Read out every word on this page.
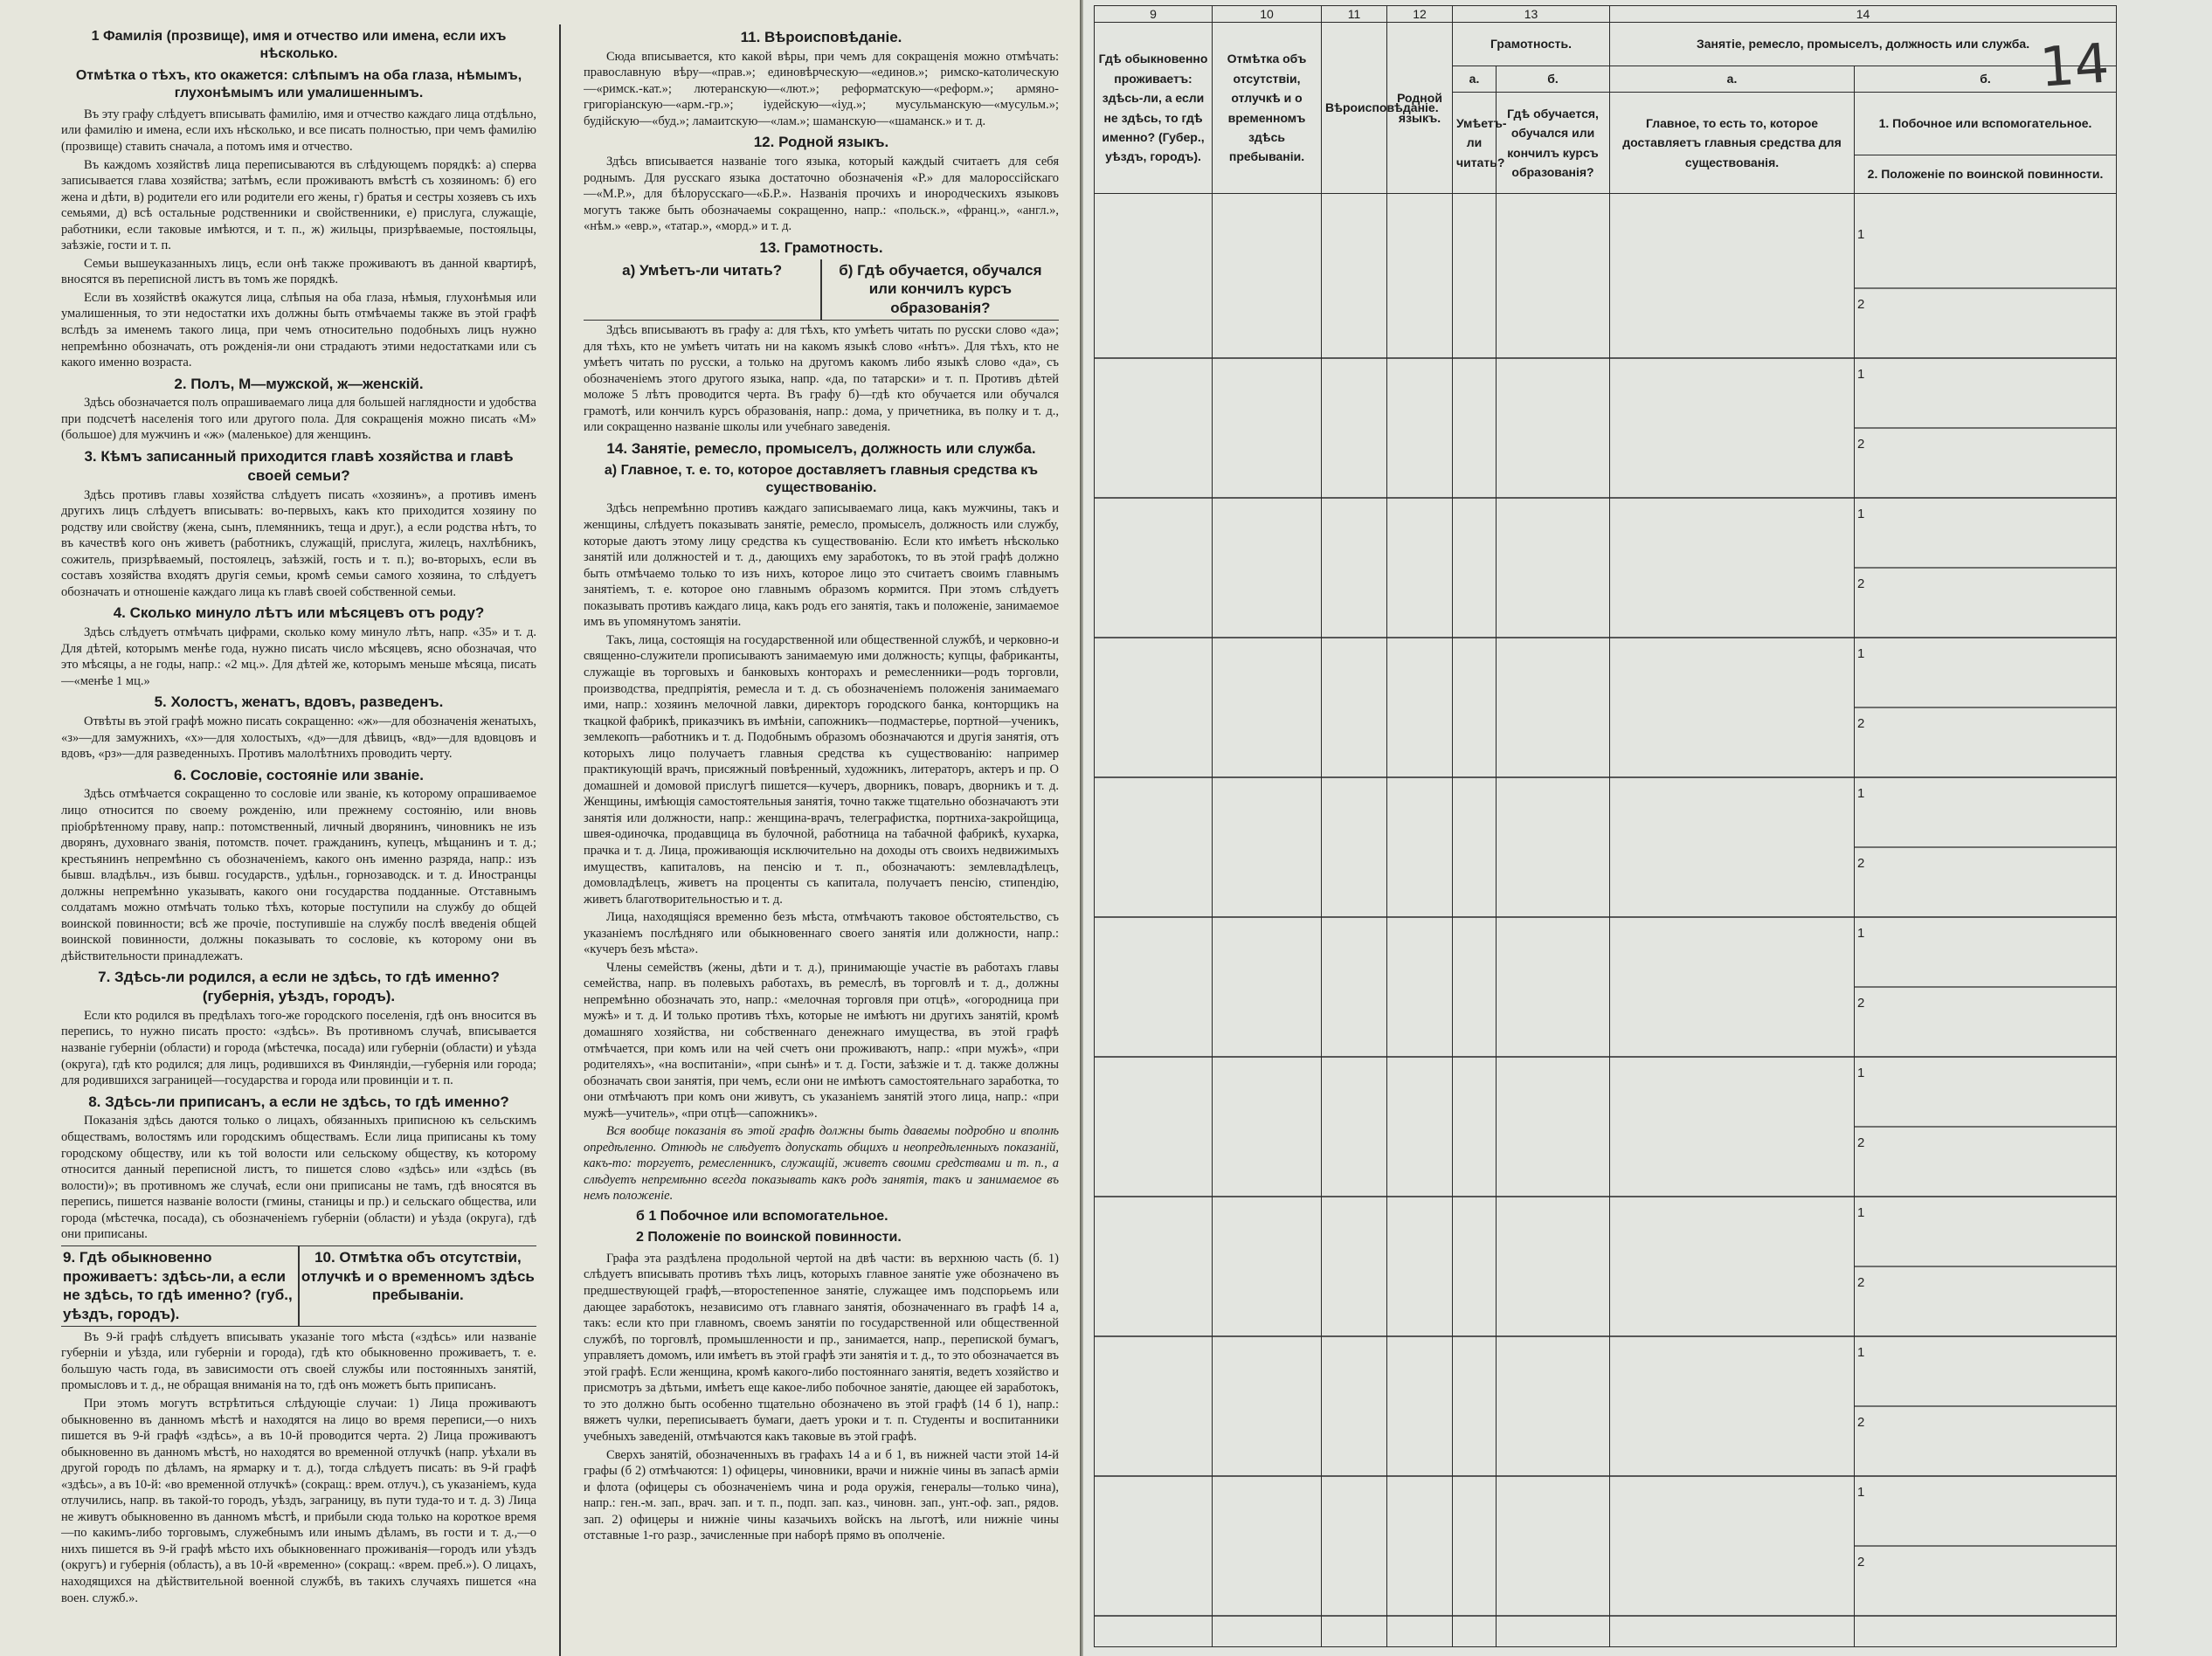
1 Фамилія (прозвище), имя и отчество или имена, если ихъ нѣсколько.
Отмѣтка о тѣхъ, кто окажется: слѣпымъ на оба глаза, нѣмымъ, глухонѣмымъ или умалишеннымъ.

Въ эту графу слѣдуетъ вписывать фамилію, имя и отчество каждаго лица отдѣльно, или фамилію и имена, если ихъ нѣсколько, и все писать полностью, при чемъ фамилію (прозвище) ставить сначала, а потомъ имя и отчество.

Въ каждомъ хозяйствѣ лица переписываются въ слѣдующемъ порядкѣ: а) сперва записывается глава хозяйства; затѣмъ, если проживаютъ вмѣстѣ съ хозяиномъ: б) его жена и дѣти, в) родители его или родители его жены, г) братья и сестры хозяевъ съ ихъ семьями, д) всѣ остальные родственники и свойственники, е) прислуга, служащіе, работники, если таковые имѣются, и т. п., ж) жильцы, призрѣваемые, постояльцы, заѣзжіе, гости и т. п.

Семьи вышеуказанныхъ лицъ, если онѣ также проживаютъ въ данной квартирѣ, вносятся въ переписной листъ въ томъ же порядкѣ.

Если въ хозяйствѣ окажутся лица, слѣпыя на оба глаза, нѣмыя, глухонѣмыя или умалишенныя, то эти недостатки ихъ должны быть отмѣчаемы также въ этой графѣ вслѣдъ за именемъ такого лица, при чемъ относительно подобныхъ лицъ нужно непремѣнно обозначать, отъ рожденія-ли они страдаютъ этими недостатками или съ какого именно возраста.

2. Полъ, М—мужской, ж—женскій.

Здѣсь обозначается полъ опрашиваемаго лица для большей наглядности и удобства при подсчетѣ населенія того или другого пола. Для сокращенія можно писать «М» (большое) для мужчинъ и «ж» (маленькое) для женщинъ.

3. Кѣмъ записанный приходится главѣ хозяйства и главѣ своей семьи?

Здѣсь противъ главы хозяйства слѣдуетъ писать «хозяинъ», а противъ именъ другихъ лицъ слѣдуетъ вписывать: во-первыхъ, какъ кто приходится хозяину по родству или свойству (жена, сынъ, племянникъ, теща и друг.), а если родства нѣтъ, то въ качествѣ кого онъ живетъ (работникъ, служащій, прислуга, жилецъ, нахлѣбникъ, сожитель, призрѣваемый, постоялецъ, заѣзжій, гость и т. п.); во-вторыхъ, если въ составъ хозяйства входятъ другія семьи, кромѣ семьи самого хозяина, то слѣдуетъ обозначать и отношеніе каждаго лица къ главѣ своей собственной семьи.

4. Сколько минуло лѣтъ или мѣсяцевъ отъ роду?

Здѣсь слѣдуетъ отмѣчать цифрами, сколько кому минуло лѣтъ, напр. «35» и т. д. Для дѣтей, которымъ менѣе года, нужно писать число мѣсяцевъ, ясно обозначая, что это мѣсяцы, а не годы, напр.: «2 мц.». Для дѣтей же, которымъ меньше мѣсяца, писать—«менѣе 1 мц.»

5. Холостъ, женатъ, вдовъ, разведенъ.

Отвѣты въ этой графѣ можно писать сокращенно: «ж»—для обозначенія женатыхъ, «з»—для замужнихъ, «х»—для холостыхъ, «д»—для дѣвицъ, «вд»—для вдовцовъ и вдовъ, «рз»—для разведенныхъ. Противъ малолѣтнихъ проводить черту.

6. Сословіе, состояніе или званіе.

Здѣсь отмѣчается сокращенно то сословіе или званіе, къ которому опрашиваемое лицо относится по своему рожденію, или прежнему состоянію, или вновь пріобрѣтенному праву, напр.: потомственный, личный дворянинъ, чиновникъ не изъ дворянъ, духовнаго званія, потомств. почет. гражданинъ, купецъ, мѣщанинъ и т. д.; крестьянинъ непремѣнно съ обозначеніемъ, какого онъ именно разряда, напр.: изъ бывш. владѣльч., изъ бывш. государств., удѣльн., горнозаводск. и т. д. Иностранцы должны непремѣнно указывать, какого они государства подданные. Отставнымъ солдатамъ можно отмѣчать только тѣхъ, которые поступили на службу до общей воинской повинности; всѣ же прочіе, поступившіе на службу послѣ введенія общей воинской повинности, должны показывать то сословіе, къ которому они въ дѣйствительности принадлежатъ.

7. Здѣсь-ли родился, а если не здѣсь, то гдѣ именно? (губернія, уѣздъ, городъ).

Если кто родился въ предѣлахъ того-же городского поселенія, гдѣ онъ вносится въ перепись, то нужно писать просто: «здѣсь». Въ противномъ случаѣ, вписывается названіе губерніи (области) и города (мѣстечка, посада) или губерніи (области) и уѣзда (округа), гдѣ кто родился; для лицъ, родившихся въ Финляндіи,—губернія или города; для родившихся заграницей—государства и города или провинціи и т. п.

8. Здѣсь-ли приписанъ, а если не здѣсь, то гдѣ именно?

Показанія здѣсь даются только о лицахъ, обязанныхъ приписною къ сельскимъ обществамъ, волостямъ или городскимъ обществамъ. Если лица приписаны къ тому городскому обществу, или къ той волости или сельскому обществу, къ которому относится данный переписной листъ, то пишется слово «здѣсь» или «здѣсь (въ волости)»; въ противномъ же случаѣ, если они приписаны не тамъ, гдѣ вносятся въ перепись, пишется названіе волости (гмины, станицы и пр.) и сельскаго общества, или города (мѣстечка, посада), съ обозначеніемъ губерніи (области) и уѣзда (округа), гдѣ они приписаны.

9. Гдѣ обыкновенно проживаетъ: здѣсь-ли, а если не здѣсь, то гдѣ именно? (губ., уѣздъ, городъ).
10. Отмѣтка объ отсутствіи, отлучкѣ и о временномъ здѣсь пребываніи.

Въ 9-й графѣ слѣдуетъ вписывать указаніе того мѣста («здѣсь» или названіе губерніи и уѣзда, или губерніи и города), гдѣ кто обыкновенно проживаетъ, т. е. большую часть года, въ зависимости отъ своей службы или постоянныхъ занятій, промысловъ и т. д., не обращая вниманія на то, гдѣ онъ можетъ быть приписанъ.

При этомъ могутъ встрѣтиться слѣдующіе случаи: 1) Лица проживаютъ обыкновенно въ данномъ мѣстѣ и находятся на лицо во время переписи,—о нихъ пишется въ 9-й графѣ «здѣсь», а въ 10-й проводится черта. 2) Лица проживаютъ обыкновенно въ данномъ мѣстѣ, но находятся во временной отлучкѣ (напр. уѣхали въ другой городъ по дѣламъ, на ярмарку и т. д.), тогда слѣдуетъ писать: въ 9-й графѣ «здѣсь», а въ 10-й: «во временной отлучкѣ» (сокращ.: врем. отлуч.), съ указаніемъ, куда отлучились, напр. въ такой-то городъ, уѣздъ, заграницу, въ пути туда-то и т. д. 3) Лица не живутъ обыкновенно въ данномъ мѣстѣ, и прибыли сюда только на короткое время—по какимъ-либо торговымъ, служебнымъ или инымъ дѣламъ, въ гости и т. д.,—о нихъ пишется въ 9-й графѣ мѣсто ихъ обыкновеннаго проживанія—городъ или уѣздъ (округъ) и губернія (область), а въ 10-й «временно» (сокращ.: «врем. преб.»). О лицахъ, находящихся на дѣйствительной военной службѣ, въ такихъ случаяхъ пишется «на воен. служб.».

11. Вѣроисповѣданіе.

Сюда вписывается, кто какой вѣры, при чемъ для сокращенія можно отмѣчать: православную вѣру—«прав.»; единовѣрческую—«единов.»; римско-католическую—«римск.-кат.»; лютеранскую—«лют.»; реформатскую—«реформ.»; армяно-григоріанскую—«арм.-гр.»; іудейскую—«іуд.»; мусульманскую—«мусульм.»; будійскую—«буд.»; ламаитскую—«лам.»; шаманскую—«шаманск.» и т. д.

12. Родной языкъ.

Здѣсь вписывается названіе того языка, который каждый считаетъ для себя роднымъ. Для русскаго языка достаточно обозначенія «Р.» для малороссійскаго—«М.Р.», для бѣлорусскаго—«Б.Р.». Названія прочихъ и инородческихъ языковъ могутъ также быть обозначаемы сокращенно, напр.: «польск.», «франц.», «англ.», «нѣм.» «евр.», «татар.», «морд.» и т. д.

13. Грамотность.
а) Умѣетъ-ли читать?	б) Гдѣ обучается, обучался или кончилъ курсъ образованія?

Здѣсь вписываютъ въ графу а: для тѣхъ, кто умѣетъ читать по русски слово «да»; для тѣхъ, кто не умѣетъ читать ни на какомъ языкѣ слово «нѣтъ». Для тѣхъ, кто не умѣетъ читать по русски, а только на другомъ какомъ либо языкѣ слово «да», съ обозначеніемъ этого другого языка, напр. «да, по татарски» и т. п. Противъ дѣтей моложе 5 лѣтъ проводится черта. Въ графу б)—гдѣ кто обучается или обучался грамотѣ, или кончилъ курсъ образованія, напр.: дома, у причетника, въ полку и т. д., или сокращенно названіе школы или учебнаго заведенія.

14. Занятіе, ремесло, промыселъ, должность или служба.
а) Главное, т. е. то, которое доставляетъ главныя средства къ существованію.

Здѣсь непремѣнно противъ каждаго записываемаго лица, какъ мужчины, такъ и женщины, слѣдуетъ показывать занятіе, ремесло, промыселъ, должность или службу, которые даютъ этому лицу средства къ существованію. Если кто имѣетъ нѣсколько занятій или должностей и т. д., дающихъ ему заработокъ, то въ этой графѣ должно быть отмѣчаемо только то изъ нихъ, которое лицо это считаетъ своимъ главнымъ занятіемъ, т. е. которое оно главнымъ образомъ кормится. При этомъ слѣдуетъ показывать противъ каждаго лица, какъ родъ его занятія, такъ и положеніе, занимаемое имъ въ упомянутомъ занятіи.

Такъ, лица, состоящія на государственной или общественной службѣ, и черковно-и священно-служители прописываютъ занимаемую ими должность; купцы, фабриканты, служащіе въ торговыхъ и банковыхъ конторахъ и ремесленники—родъ торговли, производства, предпріятія, ремесла и т. д. съ обозначеніемъ положенія занимаемаго ими, напр.: хозяинъ мелочной лавки, директоръ городского банка, конторщикъ на ткацкой фабрикѣ, приказчикъ въ имѣніи, сапожникъ—подмастерье, портной—ученикъ, землекопъ—работникъ и т. д. Подобнымъ образомъ обозначаются и другія занятія, отъ которыхъ лицо получаетъ главныя средства къ существованію: например практикующій врачъ, присяжный повѣренный, художникъ, литераторъ, актеръ и пр. О домашней и домовой прислугѣ пишется—кучеръ, дворникъ, поваръ, дворникъ и т. д. Женщины, имѣющія самостоятельныя занятія, точно также тщательно обозначаютъ эти занятія или должности, напр.: женщина-врачъ, телеграфистка, портниха-закройщица, швея-одиночка, продавщица въ булочной, работница на табачной фабрикѣ, кухарка, прачка и т. д. Лица, проживающія исключительно на доходы отъ своихъ недвижимыхъ имуществъ, капиталовъ, на пенсію и т. п., обозначаютъ: землевладѣлецъ, домовладѣлецъ, живетъ на проценты съ капитала, получаетъ пенсію, стипендію, живетъ благотворительностью и т. д.

Лица, находящіяся временно безъ мѣста, отмѣчаютъ таковое обстоятельство, съ указаніемъ послѣдняго или обыкновеннаго своего занятія или должности, напр.: «кучеръ безъ мѣста».

Члены семействъ (жены, дѣти и т. д.), принимающіе участіе въ работахъ главы семейства, напр. въ полевыхъ работахъ, въ ремеслѣ, въ торговлѣ и т. д., должны непремѣнно обозначать это, напр.: «мелочная торговля при отцѣ», «огородница при мужѣ» и т. д. И только противъ тѣхъ, которые не имѣютъ ни другихъ занятій, кромѣ домашняго хозяйства, ни собственнаго денежнаго имущества, въ этой графѣ отмѣчается, при комъ или на чей счетъ они проживаютъ, напр.: «при мужѣ», «при родителяхъ», «на воспитаніи», «при сынѣ» и т. д. Гости, заѣзжіе и т. д. также должны обозначать свои занятія, при чемъ, если они не имѣютъ самостоятельнаго заработка, то они отмѣчаютъ при комъ они живутъ, съ указаніемъ занятій этого лица, напр.: «при мужѣ—учитель», «при отцѣ—сапожникъ».

Вся вообще показанія въ этой графѣ должны быть даваемы подробно и вполнѣ опредѣленно. Отнюдь не слѣдуетъ допускать общихъ и неопредѣленныхъ показаній, какъ-то: торгуетъ, ремесленникъ, служащій, живетъ своими средствами и т. п., а слѣдуетъ непремѣнно всегда показывать какъ родъ занятія, такъ и занимаемое въ немъ положеніе.

б 1 Побочное или вспомогательное.
2 Положеніе по воинской повинности.

Графа эта раздѣлена продольной чертой на двѣ части: въ верхнюю часть (б. 1) слѣдуетъ вписывать противъ тѣхъ лицъ, которыхъ главное занятіе уже обозначено въ предшествующей графѣ,—второстепенное занятіе, служащее имъ подспорьемъ или дающее заработокъ, независимо отъ главнаго занятія, обозначеннаго въ графѣ 14 а, такъ: если кто при главномъ, своемъ занятіи по государственной или общественной службѣ, по торговлѣ, промышленности и пр., занимается, напр., перепиской бумагъ, управляетъ домомъ, или имѣетъ въ этой графѣ эти занятія и т. д., то это обозначается въ этой графѣ. Если женщина, кромѣ какого-либо постояннаго занятія, ведетъ хозяйство и присмотръ за дѣтьми, имѣетъ еще какое-либо побочное занятіе, дающее ей заработокъ, то это должно быть особенно тщательно обозначено въ этой графѣ (14 б 1), напр.: вяжетъ чулки, переписываетъ бумаги, даетъ уроки и т. п. Студенты и воспитанники учебныхъ заведеній, отмѣчаются какъ таковые въ этой графѣ.

Сверхъ занятій, обозначенныхъ въ графахъ 14 а и б 1, въ нижней части этой 14-й графы (б 2) отмѣчаются: 1) офицеры, чиновники, врачи и нижніе чины въ запасѣ армiи и флота (офицеры съ обозначеніемъ чина и рода оружія, генералы—только чина), напр.: ген.-м. зап., врач. зап. и т. п., подп. зап. каз., чиновн. зап., унт.-оф. зап., рядов. зап. 2) офицеры и нижніе чины казачьихъ войскъ на льготѣ, или нижніе чины отставные 1-го разр., зачисленные при наборѣ прямо въ ополченіе.

9	10	11	12	13		14	
Гдѣ обыкновенно проживаетъ: здѣсь-ли, а если не здѣсь, то гдѣ именно? (Губер., уѣздъ, городъ).	Отмѣтка объ отсутствіи, отлучкѣ и о временномъ здѣсь пребываніи.	Вѣроисповѣданіе.	Родной языкъ.	Грамотность.		Занятіе, ремесло, промыселъ, должность или служба.	
				а.	б.	а.	б.
				Умѣетъ-ли читать?	Гдѣ обучается, обучался или кончилъ курсъ образованія?	Главное, то есть то, которое доставляетъ главныя средства для существованія.	1. Побочное или вспомогательное.
							2. Положеніе по воинской повинности.

1
2
1
2
1
2
1
2
1
2
1
2
1
2
1
2
1
2
1
2
14
